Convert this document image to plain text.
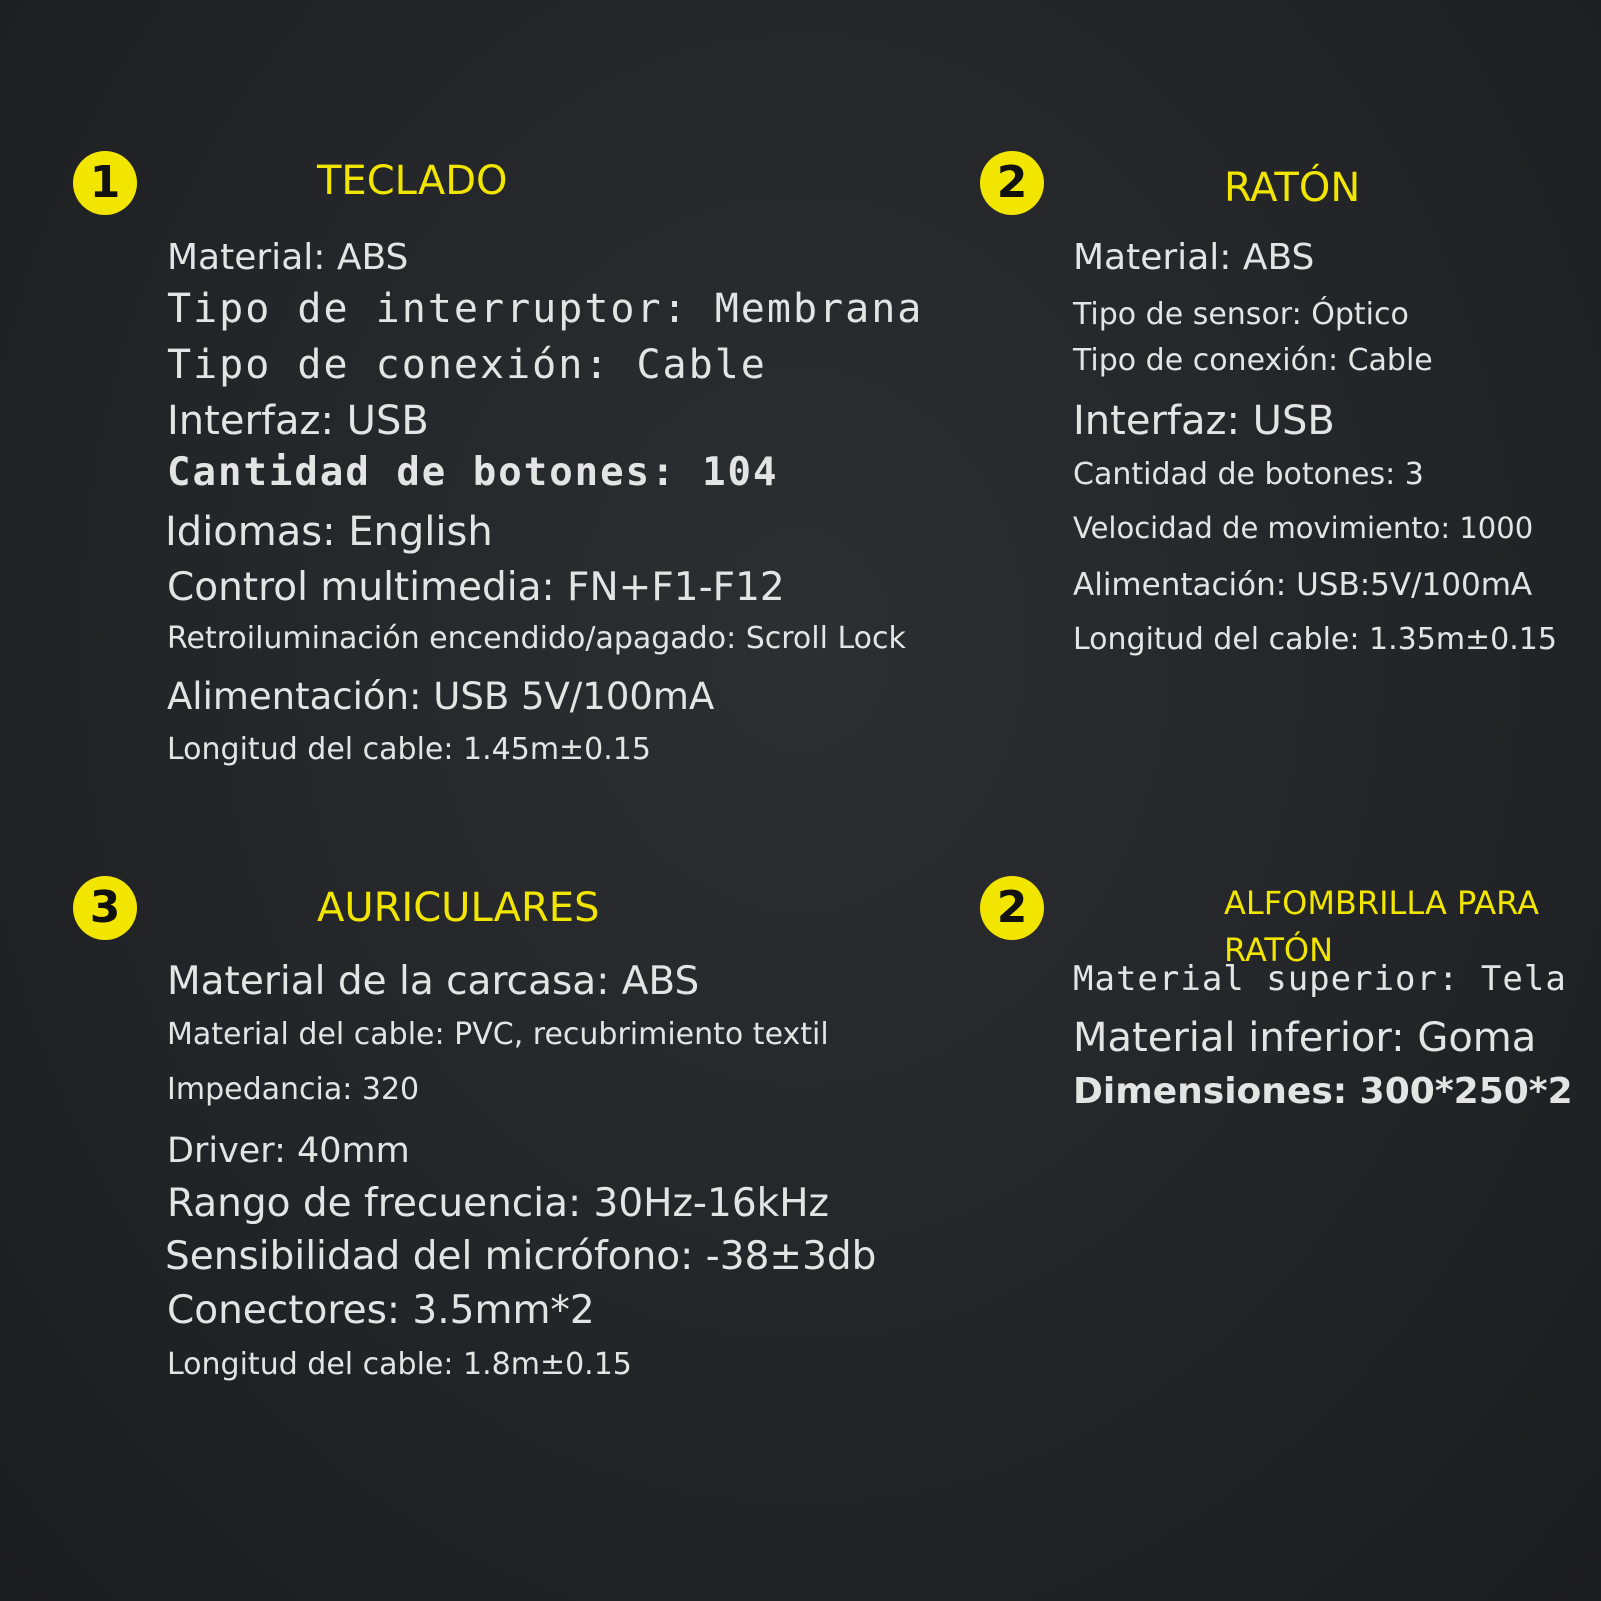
1	TECLADO
Material: ABS
Tipo de interruptor: Membrana
Tipo de conexión: Cable
Interfaz: USB
Cantidad de botones: 104
Idiomas: English
Control multimedia: FN+F1-F12
Retroiluminación encendido/apagado: Scroll Lock
Alimentación: USB 5V/100mA
Longitud del cable: 1.45m±0.15
2	RATÓN
Material: ABS
Tipo de sensor: Óptico
Tipo de conexión: Cable
Interfaz: USB
Cantidad de botones: 3
Velocidad de movimiento: 1000
Alimentación: USB:5V/100mA
Longitud del cable: 1.35m±0.15
3	AURICULARES
Material de la carcasa: ABS
Material del cable: PVC, recubrimiento textil
Impedancia: 320
Driver: 40mm
Rango de frecuencia: 30Hz-16kHz
Sensibilidad del micrófono: -38±3db
Conectores: 3.5mm*2
Longitud del cable: 1.8m±0.15
2	ALFOMBRILLA PARA
RATÓN
Material superior: Tela
Material inferior: Goma
Dimensiones: 300*250*2
